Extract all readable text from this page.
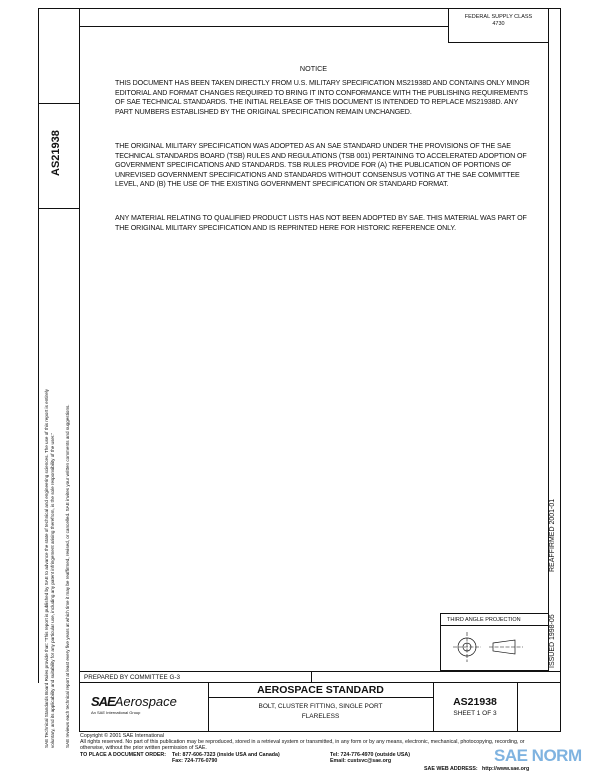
FEDERAL SUPPLY CLASS
4730
AS21938
SAE Technical Standards Board Rules provide that: "This report is published by SAE to advance the state of technical and engineering sciences. The use of this report is entirely voluntary, and its applicability and suitability for any particular use, including any patent infringement arising therefrom, is the sole responsibility of the user." SAE reviews each technical report at least every five years at which time it may be reaffirmed, revised, or cancelled. SAE invites your written comments and suggestions.	ISSUED 1998-05
REAFFIRMED 2001-01
NOTICE
THIS DOCUMENT HAS BEEN TAKEN DIRECTLY FROM U.S. MILITARY SPECIFICATION MS21938D AND CONTAINS ONLY MINOR EDITORIAL AND FORMAT CHANGES REQUIRED TO BRING IT INTO CONFORMANCE WITH THE PUBLISHING REQUIREMENTS OF SAE TECHNICAL STANDARDS. THE INITIAL RELEASE OF THIS DOCUMENT IS INTENDED TO REPLACE MS21938D. ANY PART NUMBERS ESTABLISHED BY THE ORIGINAL SPECIFICATION REMAIN UNCHANGED.
THE ORIGINAL MILITARY SPECIFICATION WAS ADOPTED AS AN SAE STANDARD UNDER THE PROVISIONS OF THE SAE TECHNICAL STANDARDS BOARD (TSB) RULES AND REGULATIONS (TSB 001) PERTAINING TO ACCELERATED ADOPTION OF GOVERNMENT SPECIFICATIONS AND STANDARDS. TSB RULES PROVIDE FOR (A) THE PUBLICATION OF PORTIONS OF UNREVISED GOVERNMENT SPECIFICATIONS AND STANDARDS WITHOUT CONSENSUS VOTING AT THE SAE COMMITTEE LEVEL, AND (B) THE USE OF THE EXISTING GOVERNMENT SPECIFICATION OR STANDARD FORMAT.
ANY MATERIAL RELATING TO QUALIFIED PRODUCT LISTS HAS NOT BEEN ADOPTED BY SAE. THIS MATERIAL WAS PART OF THE ORIGINAL MILITARY SPECIFICATION AND IS REPRINTED HERE FOR HISTORIC REFERENCE ONLY.
THIRD ANGLE PROJECTION
PREPARED BY COMMITTEE G-3
SAEAerospace
An SAE International Group
AEROSPACE STANDARD
BOLT, CLUSTER FITTING, SINGLE PORT
FLARELESS
AS21938
SHEET 1 OF 3
Copyright © 2001 SAE International
All rights reserved. No part of this publication may be reproduced, stored in a retrieval system or transmitted, in any form or by any means, electronic, mechanical, photocopying, recording, or
otherwise, without the prior written permission of SAE.
TO PLACE A DOCUMENT ORDER: Tel: 877-606-7323 (inside USA and Canada)
Fax: 724-776-0790
Tel: 724-776-4970 (outside USA)
Email: custsvc@sae.org
SAE WEB ADDRESS: http://www.sae.org
SAE NORM
